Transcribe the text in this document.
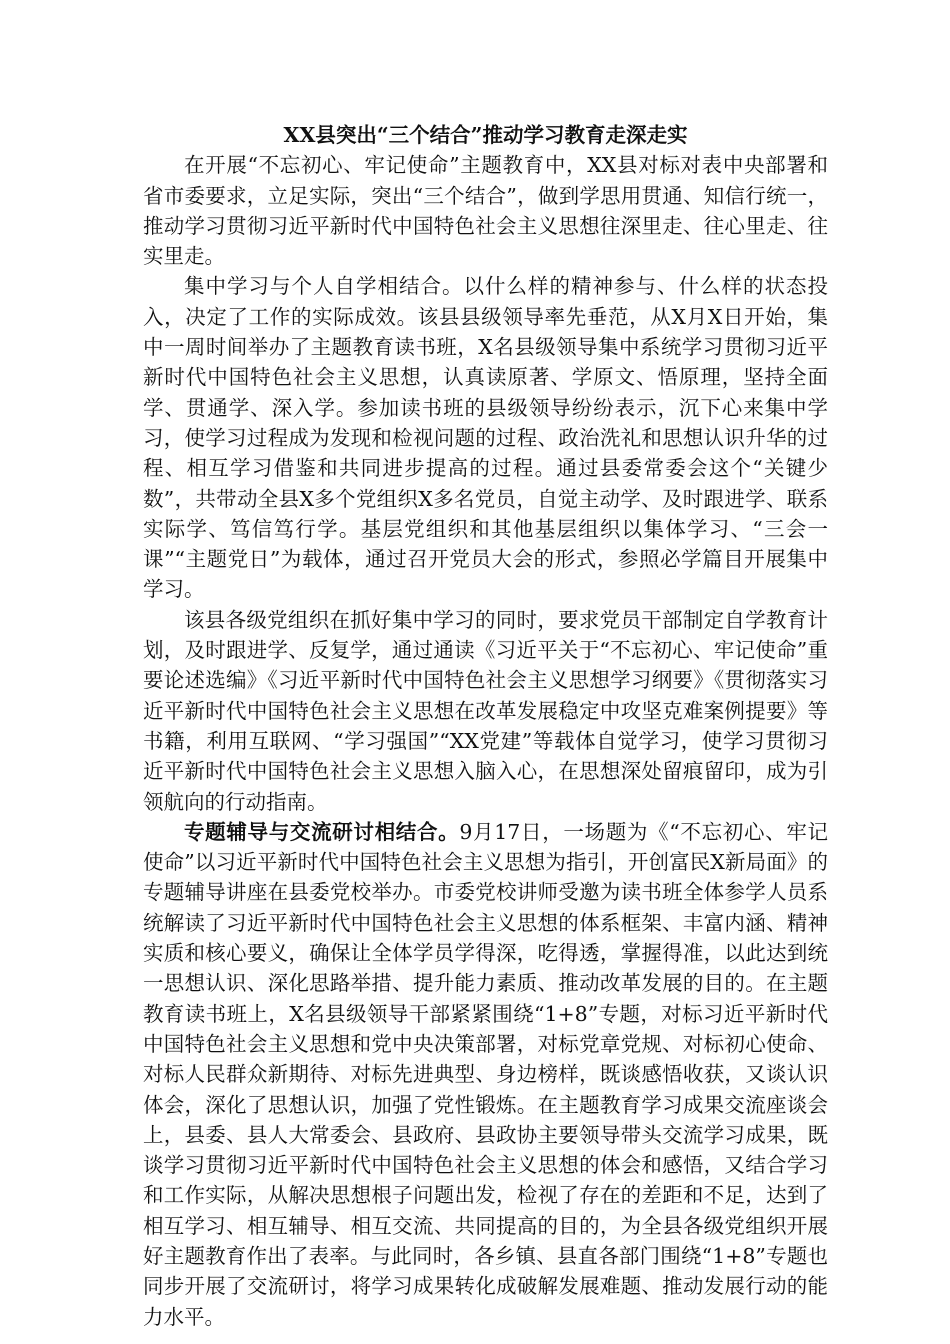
XX县突出“三个结合”推动学习教育走深走实

在开展“不忘初心、牢记使命”主题教育中，XX县对标对表中央部署和省市委要求，立足实际，突出“三个结合”，做到学思用贯通、知信行统一，推动学习贯彻习近平新时代中国特色社会主义思想往深里走、往心里走、往实里走。

集中学习与个人自学相结合。以什么样的精神参与、什么样的状态投入，决定了工作的实际成效。该县县级领导率先垂范，从X月X日开始，集中一周时间举办了主题教育读书班，X名县级领导集中系统学习贯彻习近平新时代中国特色社会主义思想，认真读原著、学原文、悟原理，坚持全面学、贯通学、深入学。参加读书班的县级领导纷纷表示，沉下心来集中学习，使学习过程成为发现和检视问题的过程、政治洗礼和思想认识升华的过程、相互学习借鉴和共同进步提高的过程。通过县委常委会这个“关键少数”，共带动全县X多个党组织X多名党员，自觉主动学、及时跟进学、联系实际学、笃信笃行学。基层党组织和其他基层组织以集体学习、“三会一课”“主题党日”为载体，通过召开党员大会的形式，参照必学篇目开展集中学习。

该县各级党组织在抓好集中学习的同时，要求党员干部制定自学教育计划，及时跟进学、反复学，通过通读《习近平关于“不忘初心、牢记使命”重要论述选编》《习近平新时代中国特色社会主义思想学习纲要》《贯彻落实习近平新时代中国特色社会主义思想在改革发展稳定中攻坚克难案例提要》等书籍，利用互联网、“学习强国”“XX党建”等载体自觉学习，使学习贯彻习近平新时代中国特色社会主义思想入脑入心，在思想深处留痕留印，成为引领航向的行动指南。

专题辅导与交流研讨相结合。9月17日，一场题为《“不忘初心、牢记使命”以习近平新时代中国特色社会主义思想为指引，开创富民X新局面》的专题辅导讲座在县委党校举办。市委党校讲师受邀为读书班全体参学人员系统解读了习近平新时代中国特色社会主义思想的体系框架、丰富内涵、精神实质和核心要义，确保让全体学员学得深，吃得透，掌握得准，以此达到统一思想认识、深化思路举措、提升能力素质、推动改革发展的目的。在主题教育读书班上，X名县级领导干部紧紧围绕“1+8”专题，对标习近平新时代中国特色社会主义思想和党中央决策部署，对标党章党规、对标初心使命、对标人民群众新期待、对标先进典型、身边榜样，既谈感悟收获，又谈认识体会，深化了思想认识，加强了党性锻炼。在主题教育学习成果交流座谈会上，县委、县人大常委会、县政府、县政协主要领导带头交流学习成果，既谈学习贯彻习近平新时代中国特色社会主义思想的体会和感悟，又结合学习和工作实际，从解决思想根子问题出发，检视了存在的差距和不足，达到了相互学习、相互辅导、相互交流、共同提高的目的，为全县各级党组织开展好主题教育作出了表率。与此同时，各乡镇、县直各部门围绕“1+8”专题也同步开展了交流研讨，将学习成果转化成破解发展难题、推动发展行动的能力水平。
